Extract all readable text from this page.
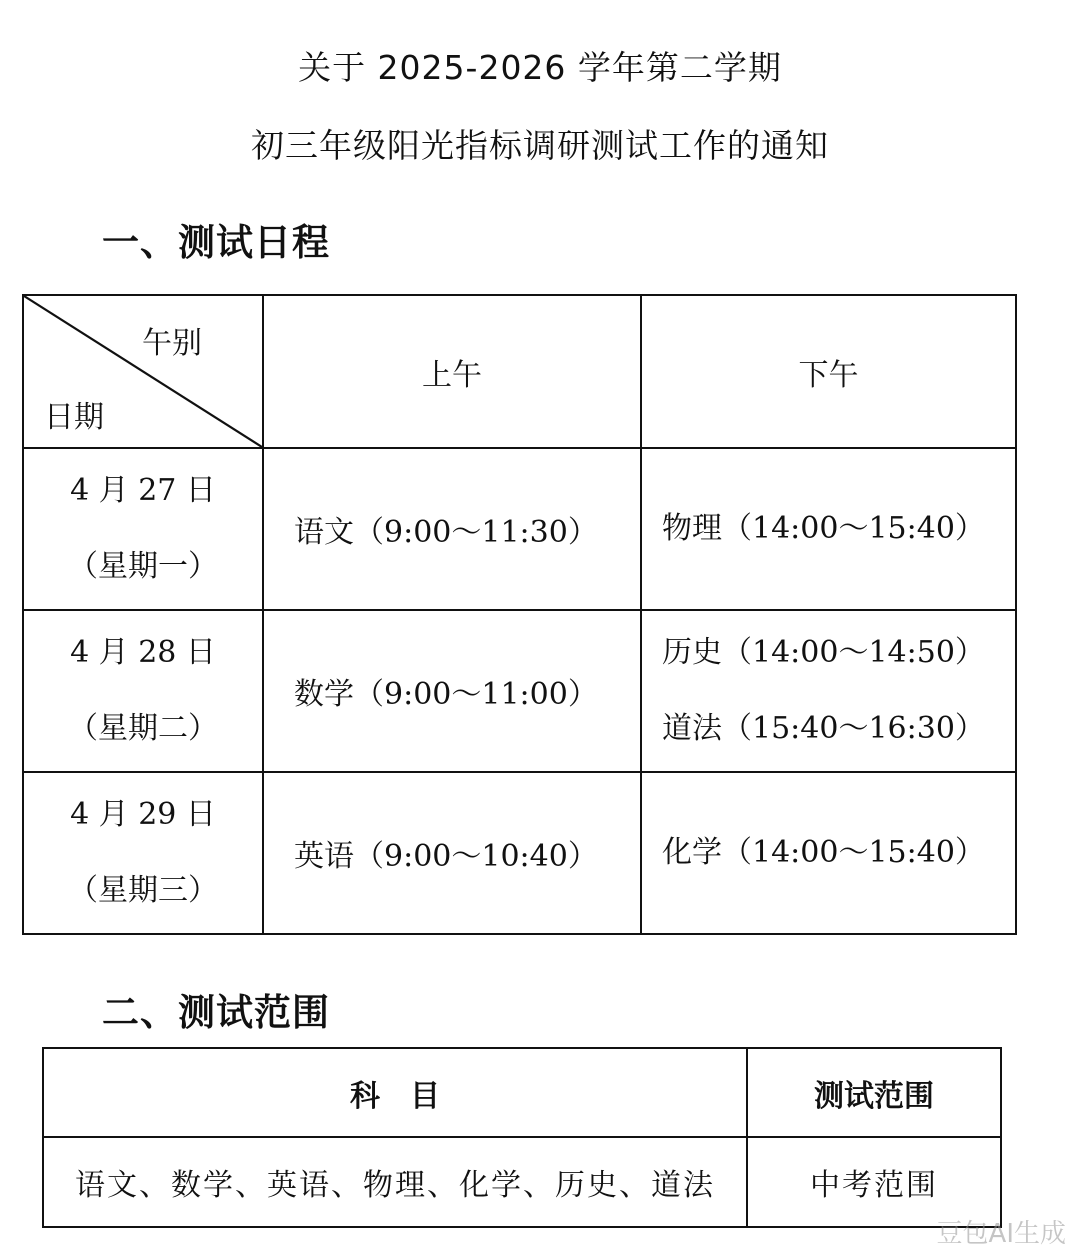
关于 2025-2026 学年第二学期
初三年级阳光指标调研测试工作的通知
一、测试日程
午别
日期	上午	下午

4 月 27 日
（星期一）	语文（9:00～11:30）	物理（14:00～15:40）

4 月 28 日
（星期二）	数学（9:00～11:00）	历史（14:00～14:50）
道法（15:40～16:30）

4 月 29 日
（星期三）	英语（9:00～10:40）	化学（14:00～15:40）
二、测试范围
科　目	测试范围
语文、数学、英语、物理、化学、历史、道法	中考范围
豆包AI生成
